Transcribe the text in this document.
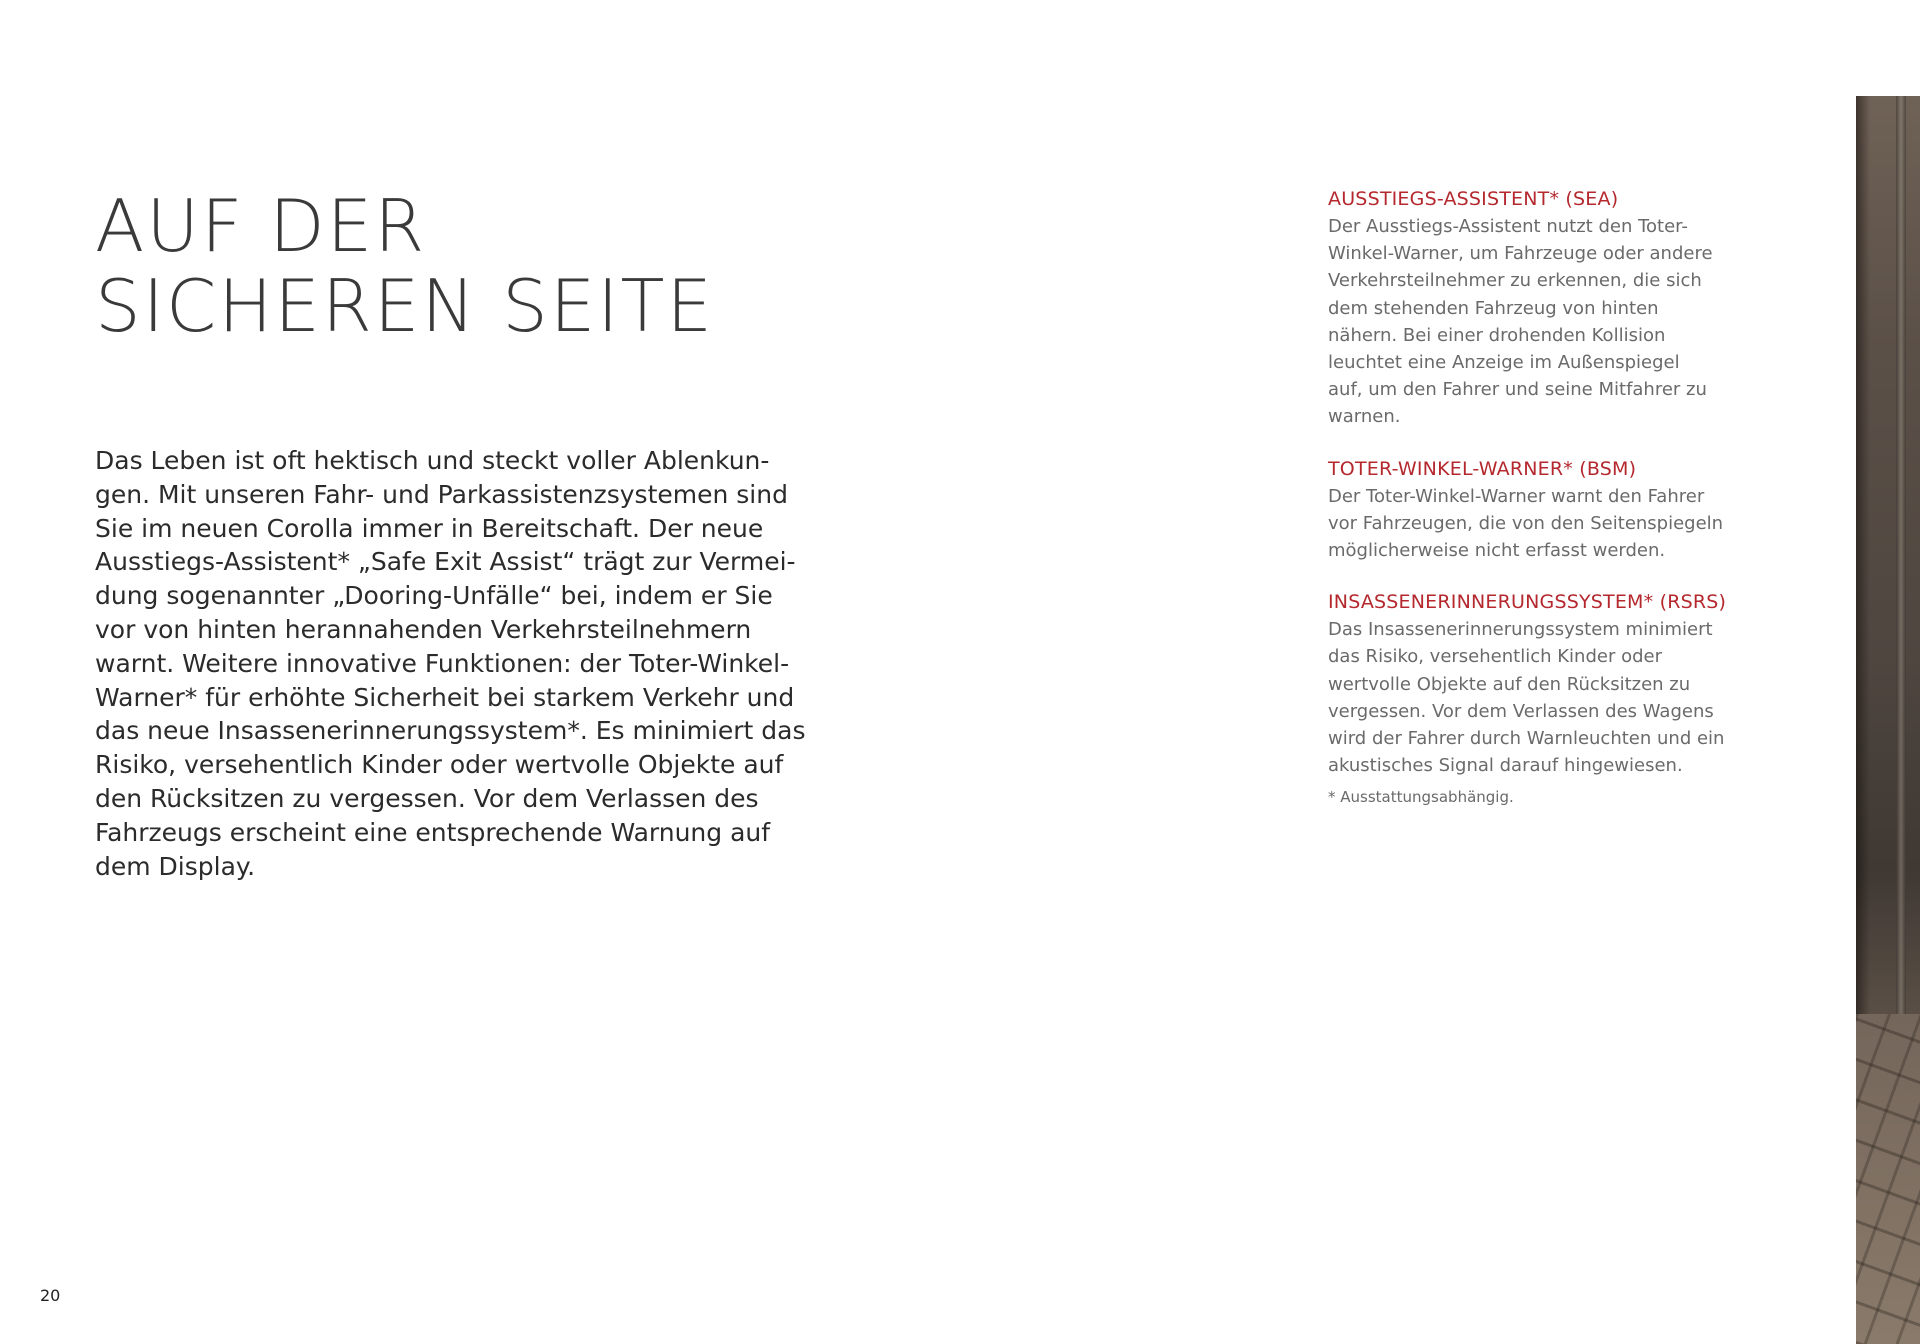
AUF DER
SICHEREN SEITE

Das Leben ist oft hektisch und steckt voller Ablenkun-
gen. Mit unseren Fahr- und Parkassistenzsystemen sind
Sie im neuen Corolla immer in Bereitschaft. Der neue
Ausstiegs-Assistent* „Safe Exit Assist“ trägt zur Vermei-
dung sogenannter „Dooring-Unfälle“ bei, indem er Sie
vor von hinten herannahenden Verkehrsteilnehmern
warnt. Weitere innovative Funktionen: der Toter-Winkel-
Warner* für erhöhte Sicherheit bei starkem Verkehr und
das neue Insassenerinnerungssystem*. Es minimiert das
Risiko, versehentlich Kinder oder wertvolle Objekte auf
den Rücksitzen zu vergessen. Vor dem Verlassen des
Fahrzeugs erscheint eine entsprechende Warnung auf
dem Display.

AUSSTIEGS-ASSISTENT* (SEA)

Der Ausstiegs-Assistent nutzt den Toter-
Winkel-Warner, um Fahrzeuge oder andere
Verkehrsteilnehmer zu erkennen, die sich
dem stehenden Fahrzeug von hinten
nähern. Bei einer drohenden Kollision
leuchtet eine Anzeige im Außenspiegel
auf, um den Fahrer und seine Mitfahrer zu
warnen.

TOTER-WINKEL-WARNER* (BSM)

Der Toter-Winkel-Warner warnt den Fahrer
vor Fahrzeugen, die von den Seitenspiegeln
möglicherweise nicht erfasst werden.

INSASSENERINNERUNGSSYSTEM* (RSRS)

Das Insassenerinnerungssystem minimiert
das Risiko, versehentlich Kinder oder
wertvolle Objekte auf den Rücksitzen zu
vergessen. Vor dem Verlassen des Wagens
wird der Fahrer durch Warnleuchten und ein
akustisches Signal darauf hingewiesen.

* Ausstattungsabhängig.

20
